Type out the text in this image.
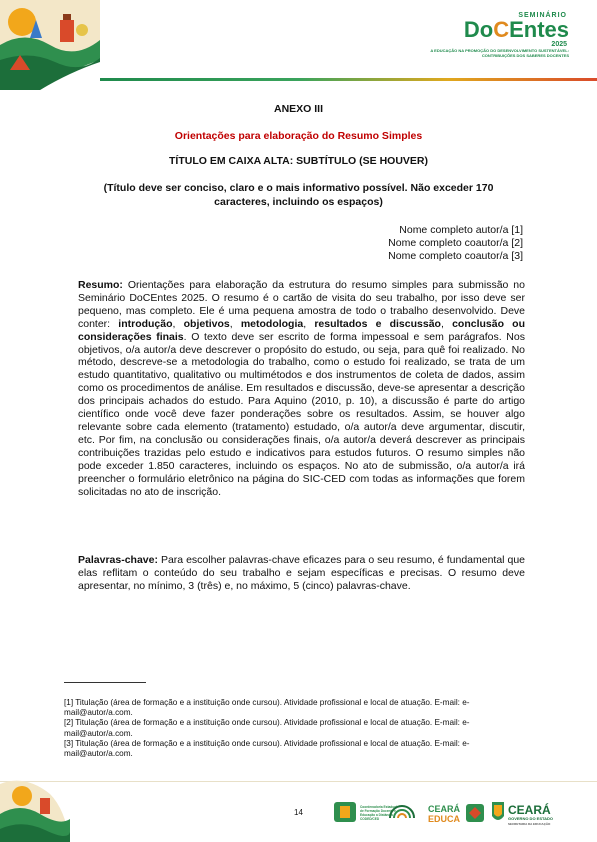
SEMINÁRIO
DoCEntes
2025
A EDUCAÇÃO NA PROMOÇÃO DO DESENVOLVIMENTO SUSTENTÁVEL: CONTRIBUIÇÕES DOS SABERES DOCENTES
ANEXO III
Orientações para elaboração do Resumo Simples
TÍTULO EM CAIXA ALTA: SUBTÍTULO (SE HOUVER)
(Título deve ser conciso, claro e o mais informativo possível. Não exceder 170 caracteres, incluindo os espaços)
Nome completo autor/a [1]
Nome completo coautor/a [2]
Nome completo coautor/a [3]
Resumo: Orientações para elaboração da estrutura do resumo simples para submissão no Seminário DoCEntes 2025. O resumo é o cartão de visita do seu trabalho, por isso deve ser pequeno, mas completo. Ele é uma pequena amostra de todo o trabalho desenvolvido. Deve conter: introdução, objetivos, metodologia, resultados e discussão, conclusão ou considerações finais. O texto deve ser escrito de forma impessoal e sem parágrafos. Nos objetivos, o/a autor/a deve descrever o propósito do estudo, ou seja, para quê foi realizado. No método, descreve-se a metodologia do trabalho, como o estudo foi realizado, se trata de um estudo quantitativo, qualitativo ou multimétodos e dos instrumentos de coleta de dados, assim como os procedimentos de análise. Em resultados e discussão, deve-se apresentar a descrição dos principais achados do estudo. Para Aquino (2010, p. 10), a discussão é parte do artigo científico onde você deve fazer ponderações sobre os resultados. Assim, se houver algo relevante sobre cada elemento (tratamento) estudado, o/a autor/a deve argumentar, discutir, etc. Por fim, na conclusão ou considerações finais, o/a autor/a deverá descrever as principais contribuições trazidas pelo estudo e indicativos para estudos futuros. O resumo simples não pode exceder 1.850 caracteres, incluindo os espaços. No ato de submissão, o/a autor/a irá preencher o formulário eletrônico na página do SIC-CED com todas as informações que forem solicitadas no ato de inscrição.
Palavras-chave: Para escolher palavras-chave eficazes para o seu resumo, é fundamental que elas reflitam o conteúdo do seu trabalho e sejam específicas e precisas. O resumo deve apresentar, no mínimo, 3 (três) e, no máximo, 5 (cinco) palavras-chave.
[1] Titulação (área de formação e a instituição onde cursou). Atividade profissional e local de atuação. E-mail: e-mail@autor/a.com.
[2] Titulação (área de formação e a instituição onde cursou). Atividade profissional e local de atuação. E-mail: e-mail@autor/a.com.
[3] Titulação (área de formação e a instituição onde cursou). Atividade profissional e local de atuação. E-mail: e-mail@autor/a.com.
Coordenadoria Estadual de Formação Docente e Educação a Distância CODED/CED
CEARÁ
EDUCA
CEARÁ
GOVERNO DO ESTADO
SECRETARIA DA EDUCAÇÃO
14
